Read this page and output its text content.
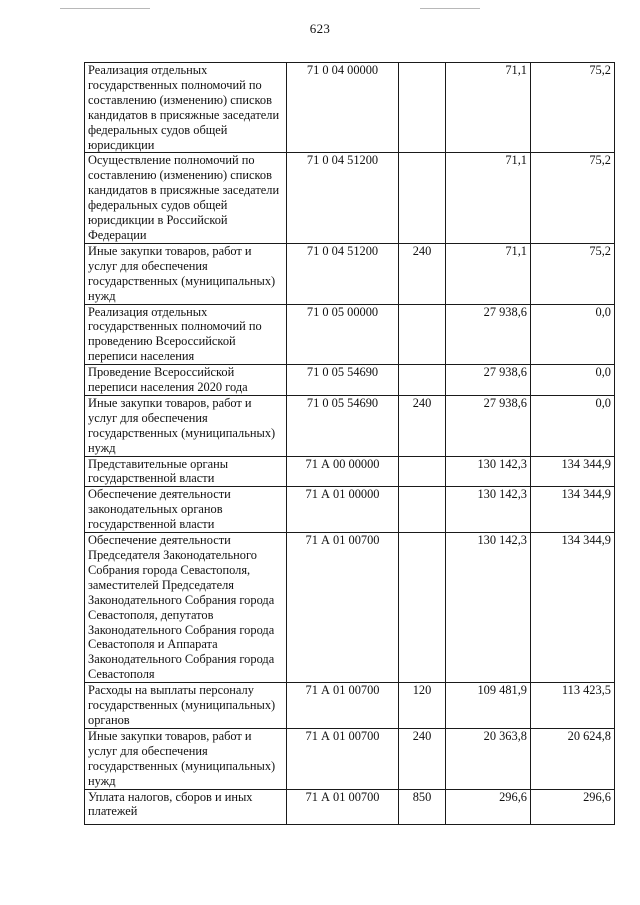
623
Реализация отдельных государственных полномочий по составлению (изменению) списков кандидатов в присяжные заседатели федеральных судов общей юрисдикции	71 0 04 00000		71,1	75,2
Осуществление полномочий по составлению (изменению) списков кандидатов в присяжные заседатели федеральных судов общей юрисдикции в Российской Федерации	71 0 04 51200		71,1	75,2
Иные закупки товаров, работ и услуг для обеспечения государственных (муниципальных) нужд	71 0 04 51200	240	71,1	75,2
Реализация отдельных государственных полномочий по проведению Всероссийской переписи населения	71 0 05 00000		27 938,6	0,0
Проведение Всероссийской переписи населения 2020 года	71 0 05 54690		27 938,6	0,0
Иные закупки товаров, работ и услуг для обеспечения государственных (муниципальных) нужд	71 0 05 54690	240	27 938,6	0,0
Представительные органы государственной власти	71 А 00 00000		130 142,3	134 344,9
Обеспечение деятельности законодательных органов государственной власти	71 А 01 00000		130 142,3	134 344,9
Обеспечение деятельности Председателя Законодательного Собрания города Севастополя, заместителей Председателя Законодательного Собрания города Севастополя, депутатов Законодательного Собрания города Севастополя и Аппарата Законодательного Собрания города Севастополя	71 А 01 00700		130 142,3	134 344,9
Расходы на выплаты персоналу государственных (муниципальных) органов	71 А 01 00700	120	109 481,9	113 423,5
Иные закупки товаров, работ и услуг для обеспечения государственных (муниципальных) нужд	71 А 01 00700	240	20 363,8	20 624,8
Уплата налогов, сборов и иных платежей	71 А 01 00700	850	296,6	296,6
